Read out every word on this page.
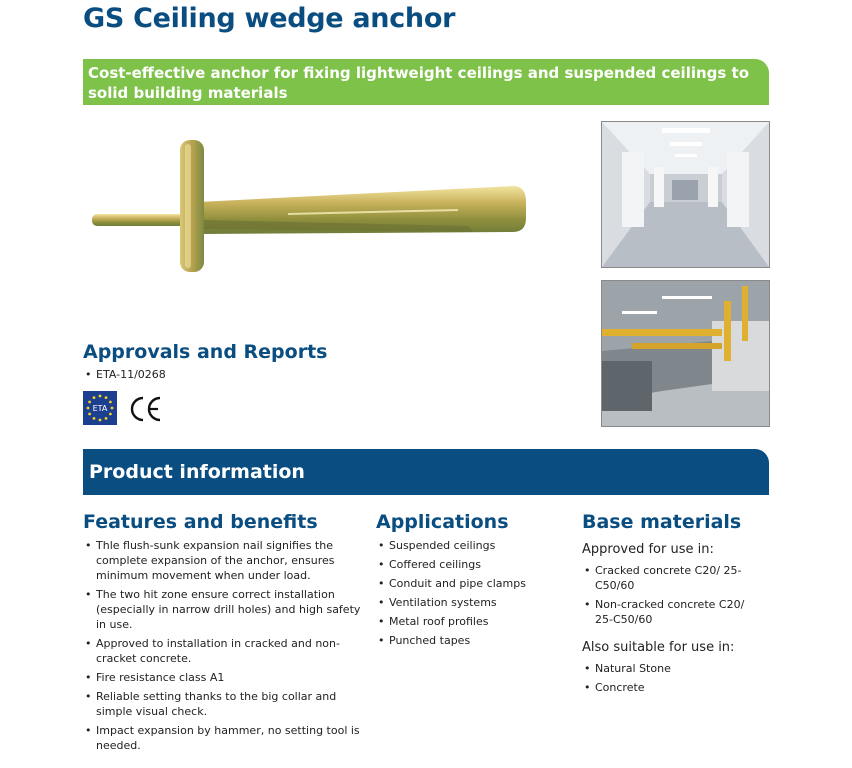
GS Ceiling wedge anchor
Cost-effective anchor for fixing lightweight ceilings and suspended ceilings to solid building materials
Approvals and Reports
• ETA-11/0268
ETA
Product information
Features and benefits
• Thle flush-sunk expansion nail signifies the complete expansion of the anchor, ensures minimum movement when under load.
• The two hit zone ensure correct installation (especially in narrow drill holes) and high safety in use.
• Approved to installation in cracked and non-cracket concrete.
• Fire resistance class A1
• Reliable setting thanks to the big collar and simple visual check.
• Impact expansion by hammer, no setting tool is needed.
Applications
• Suspended ceilings
• Coffered ceilings
• Conduit and pipe clamps
• Ventilation systems
• Metal roof profiles
• Punched tapes
Base materials
Approved for use in:
• Cracked concrete C20/ 25-C50/60
• Non-cracked concrete C20/ 25-C50/60
Also suitable for use in:
• Natural Stone
• Concrete
